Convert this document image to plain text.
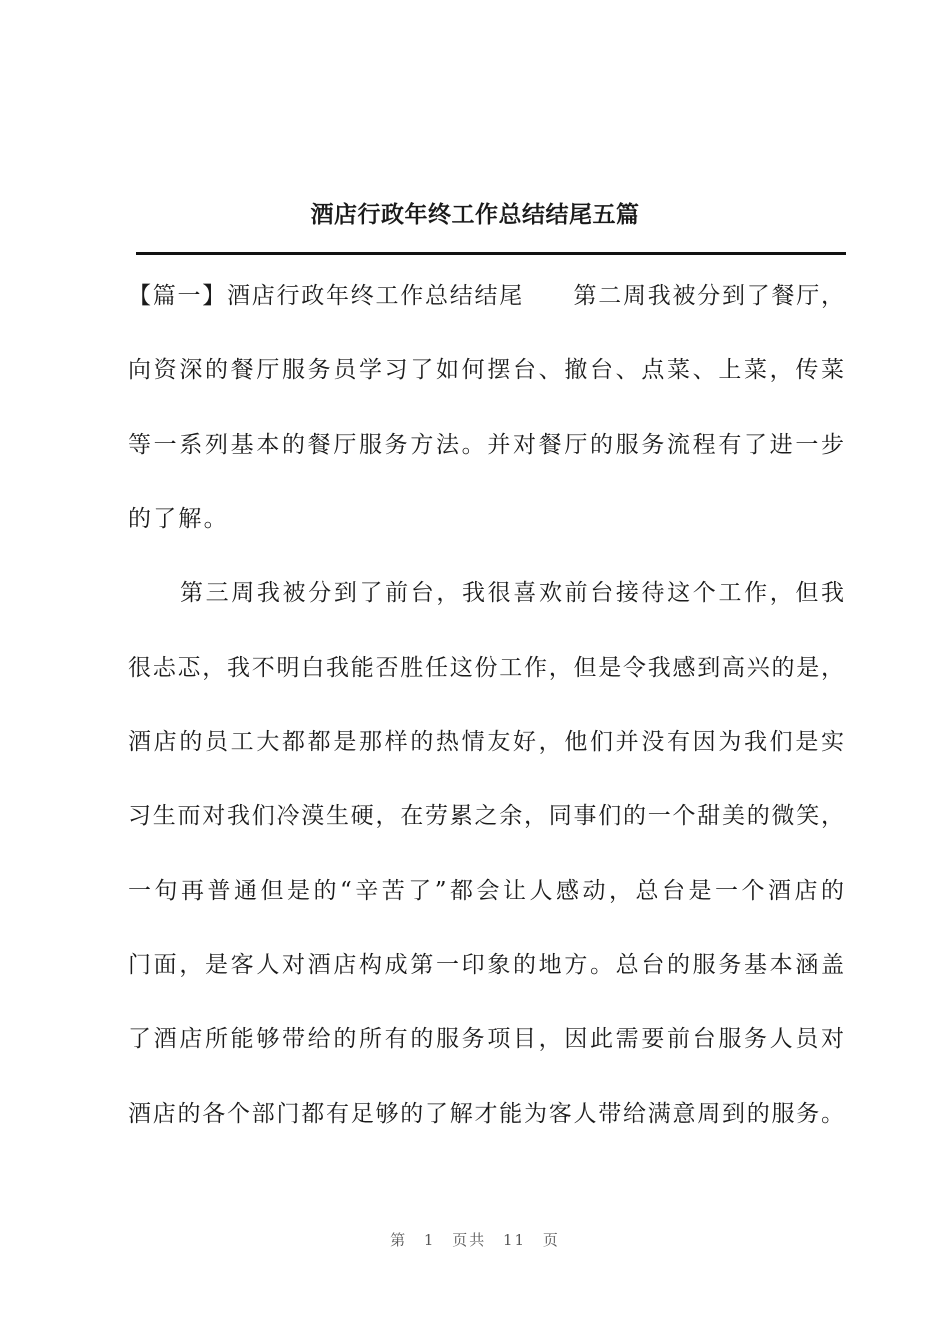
酒店行政年终工作总结结尾五篇
【篇一】酒店行政年终工作总结结尾　　第二周我被分到了餐厅，
向资深的餐厅服务员学习了如何摆台、撤台、点菜、上菜，传菜
等一系列基本的餐厅服务方法。并对餐厅的服务流程有了进一步
的了解。
第三周我被分到了前台，我很喜欢前台接待这个工作，但我
很忐忑，我不明白我能否胜任这份工作，但是令我感到高兴的是，
酒店的员工大都都是那样的热情友好，他们并没有因为我们是实
习生而对我们冷漠生硬，在劳累之余，同事们的一个甜美的微笑，
一句再普通但是的“辛苦了”都会让人感动，总台是一个酒店的
门面，是客人对酒店构成第一印象的地方。总台的服务基本涵盖
了酒店所能够带给的所有的服务项目，因此需要前台服务人员对
酒店的各个部门都有足够的了解才能为客人带给满意周到的服务。
第 1 页共 11 页
